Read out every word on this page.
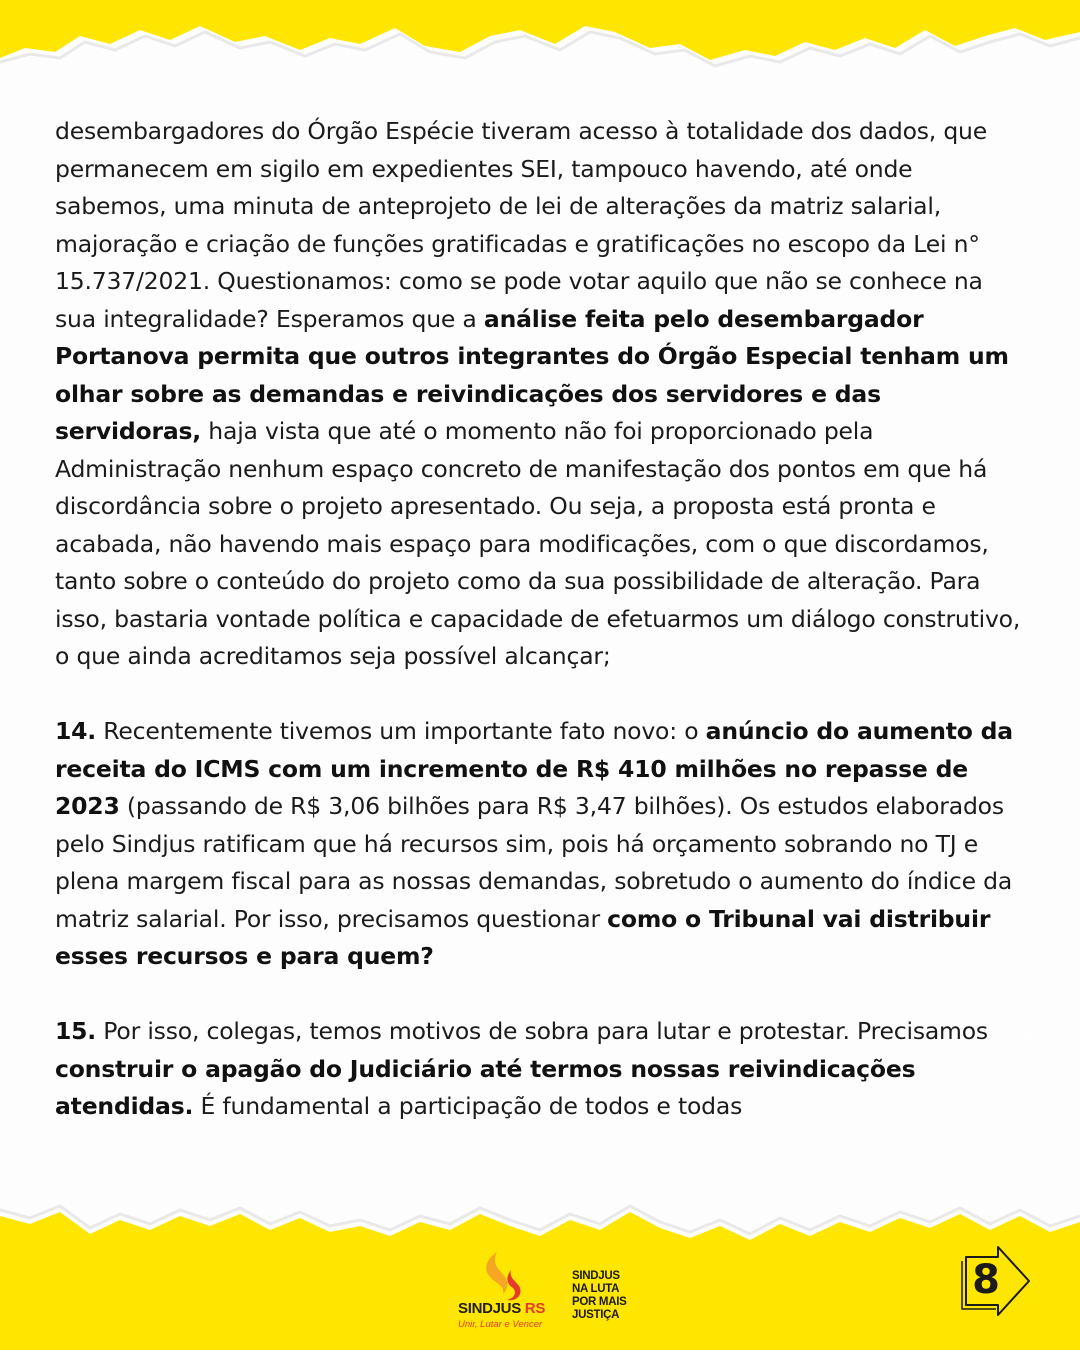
desembargadores do Órgão Espécie tiveram acesso à totalidade dos dados, que permanecem em sigilo em expedientes SEI, tampouco havendo, até onde sabemos, uma minuta de anteprojeto de lei de alterações da matriz salarial, majoração e criação de funções gratificadas e gratificações no escopo da Lei n° 15.737/2021. Questionamos: como se pode votar aquilo que não se conhece na sua integralidade? Esperamos que a análise feita pelo desembargador Portanova permita que outros integrantes do Órgão Especial tenham um olhar sobre as demandas e reivindicações dos servidores e das servidoras, haja vista que até o momento não foi proporcionado pela Administração nenhum espaço concreto de manifestação dos pontos em que há discordância sobre o projeto apresentado. Ou seja, a proposta está pronta e acabada, não havendo mais espaço para modificações, com o que discordamos, tanto sobre o conteúdo do projeto como da sua possibilidade de alteração. Para isso, bastaria vontade política e capacidade de efetuarmos um diálogo construtivo, o que ainda acreditamos seja possível alcançar;

14. Recentemente tivemos um importante fato novo: o anúncio do aumento da receita do ICMS com um incremento de R$ 410 milhões no repasse de 2023 (passando de R$ 3,06 bilhões para R$ 3,47 bilhões). Os estudos elaborados pelo Sindjus ratificam que há recursos sim, pois há orçamento sobrando no TJ e plena margem fiscal para as nossas demandas, sobretudo o aumento do índice da matriz salarial. Por isso, precisamos questionar como o Tribunal vai distribuir esses recursos e para quem?

15. Por isso, colegas, temos motivos de sobra para lutar e protestar. Precisamos construir o apagão do Judiciário até termos nossas reivindicações atendidas. É fundamental a participação de todos e todas

SINDJUS RS
Unir, Lutar e Vencer
SINDJUS
NA LUTA
POR MAIS
JUSTIÇA
8
